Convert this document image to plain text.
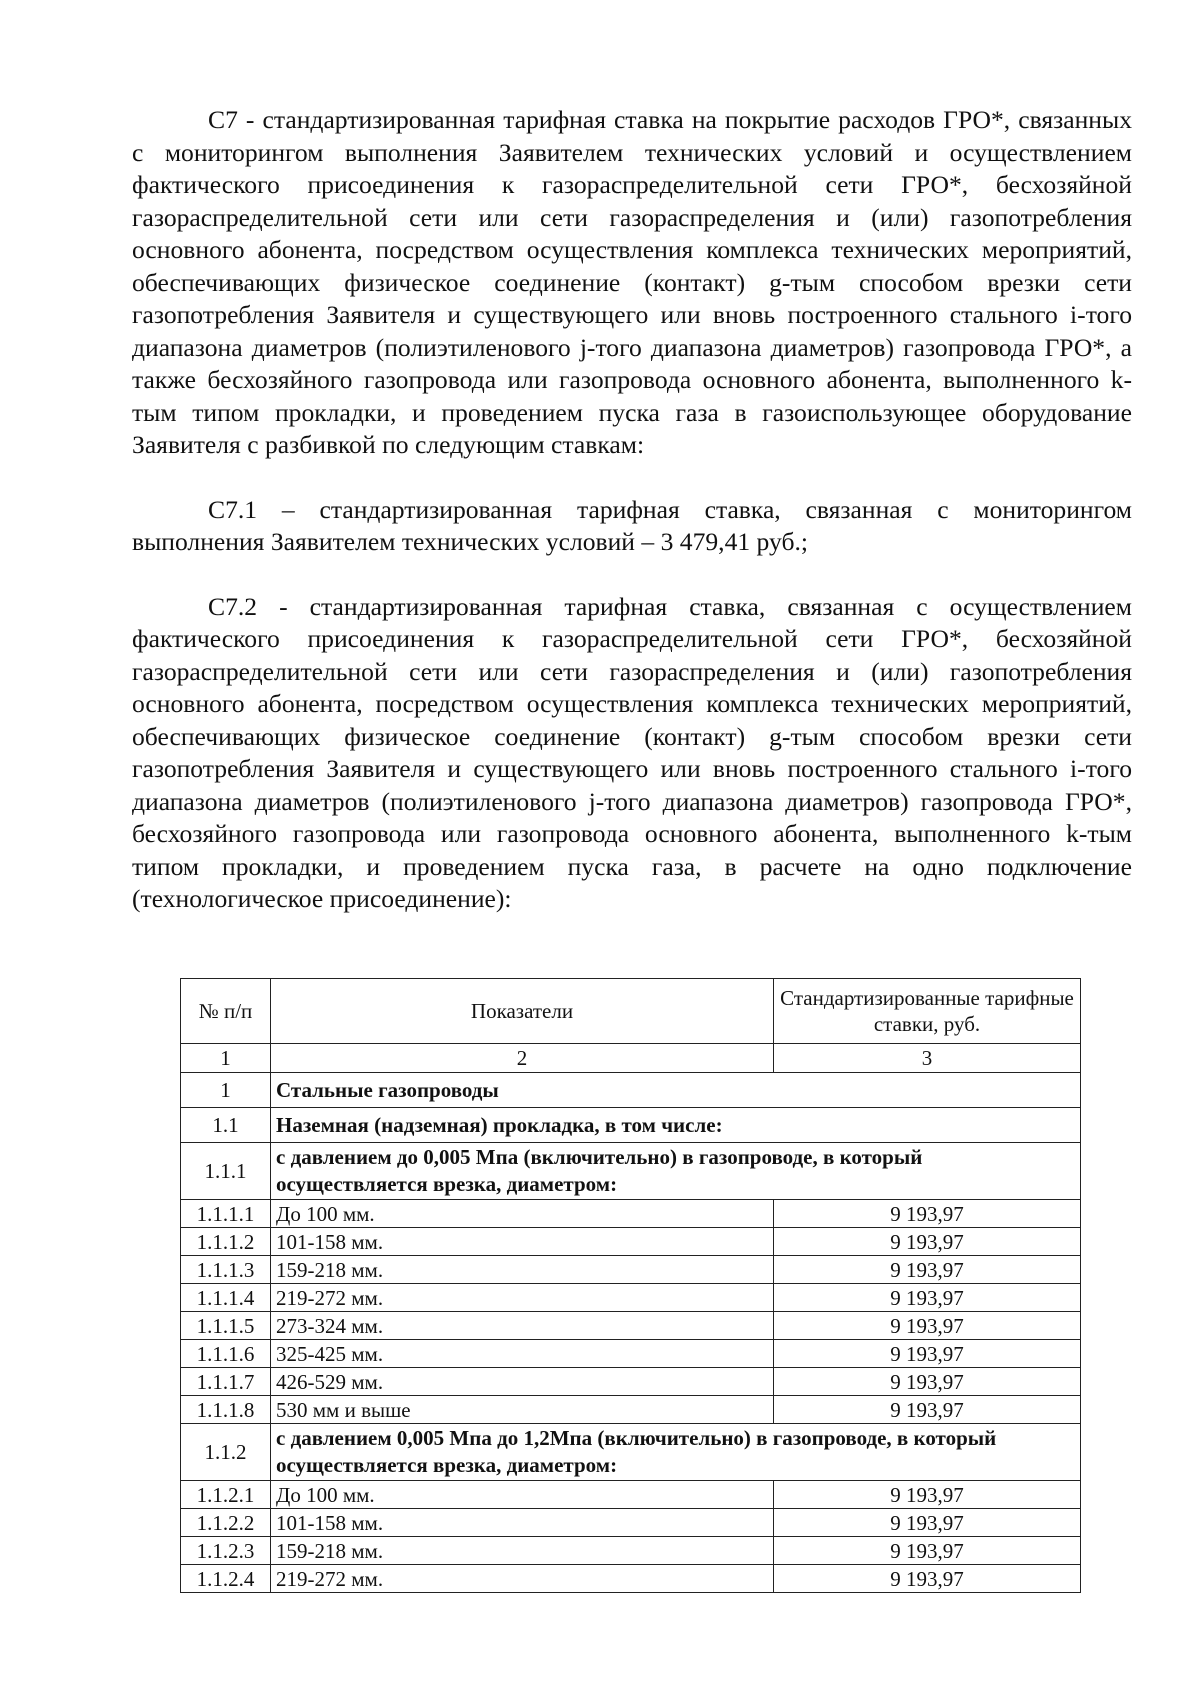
С7 - стандартизированная тарифная ставка на покрытие расходов ГРО*, связанных с мониторингом выполнения Заявителем технических условий и осуществлением фактического присоединения к газораспределительной сети ГРО*, бесхозяйной газораспределительной сети или сети газораспределения и (или) газопотребления основного абонента, посредством осуществления комплекса технических мероприятий, обеспечивающих физическое соединение (контакт) g-тым способом врезки сети газопотребления Заявителя и существующего или вновь построенного стального i-того диапазона диаметров (полиэтиленового j-того диапазона диаметров) газопровода ГРО*, а также бесхозяйного газопровода или газопровода основного абонента, выполненного k-тым типом прокладки, и проведением пуска газа в газоиспользующее оборудование Заявителя с разбивкой по следующим ставкам:

С7.1 – стандартизированная тарифная ставка, связанная с мониторингом выполнения Заявителем технических условий – 3 479,41 руб.;

С7.2 - стандартизированная тарифная ставка, связанная с осуществлением фактического присоединения к газораспределительной сети ГРО*, бесхозяйной газораспределительной сети или сети газораспределения и (или) газопотребления основного абонента, посредством осуществления комплекса технических мероприятий, обеспечивающих физическое соединение (контакт) g-тым способом врезки сети газопотребления Заявителя и существующего или вновь построенного стального i-того диапазона диаметров (полиэтиленового j-того диапазона диаметров) газопровода ГРО*, бесхозяйного газопровода или газопровода основного абонента, выполненного k-тым типом прокладки, и проведением пуска газа, в расчете на одно подключение (технологическое присоединение):

№ п/п	Показатели	Стандартизированные тарифные ставки, руб.
1	2	3
1	Стальные газопроводы	
1.1	Наземная (надземная) прокладка, в том числе:	
1.1.1	с давлением до 0,005 Мпа (включительно) в газопроводе, в который осуществляется врезка, диаметром:	
1.1.1.1	До 100 мм.	9 193,97
1.1.1.2	101-158 мм.	9 193,97
1.1.1.3	159-218 мм.	9 193,97
1.1.1.4	219-272 мм.	9 193,97
1.1.1.5	273-324 мм.	9 193,97
1.1.1.6	325-425 мм.	9 193,97
1.1.1.7	426-529 мм.	9 193,97
1.1.1.8	530 мм и выше	9 193,97
1.1.2	с давлением 0,005 Мпа до 1,2Мпа (включительно) в газопроводе, в который осуществляется врезка, диаметром:	
1.1.2.1	До 100 мм.	9 193,97
1.1.2.2	101-158 мм.	9 193,97
1.1.2.3	159-218 мм.	9 193,97
1.1.2.4	219-272 мм.	9 193,97
